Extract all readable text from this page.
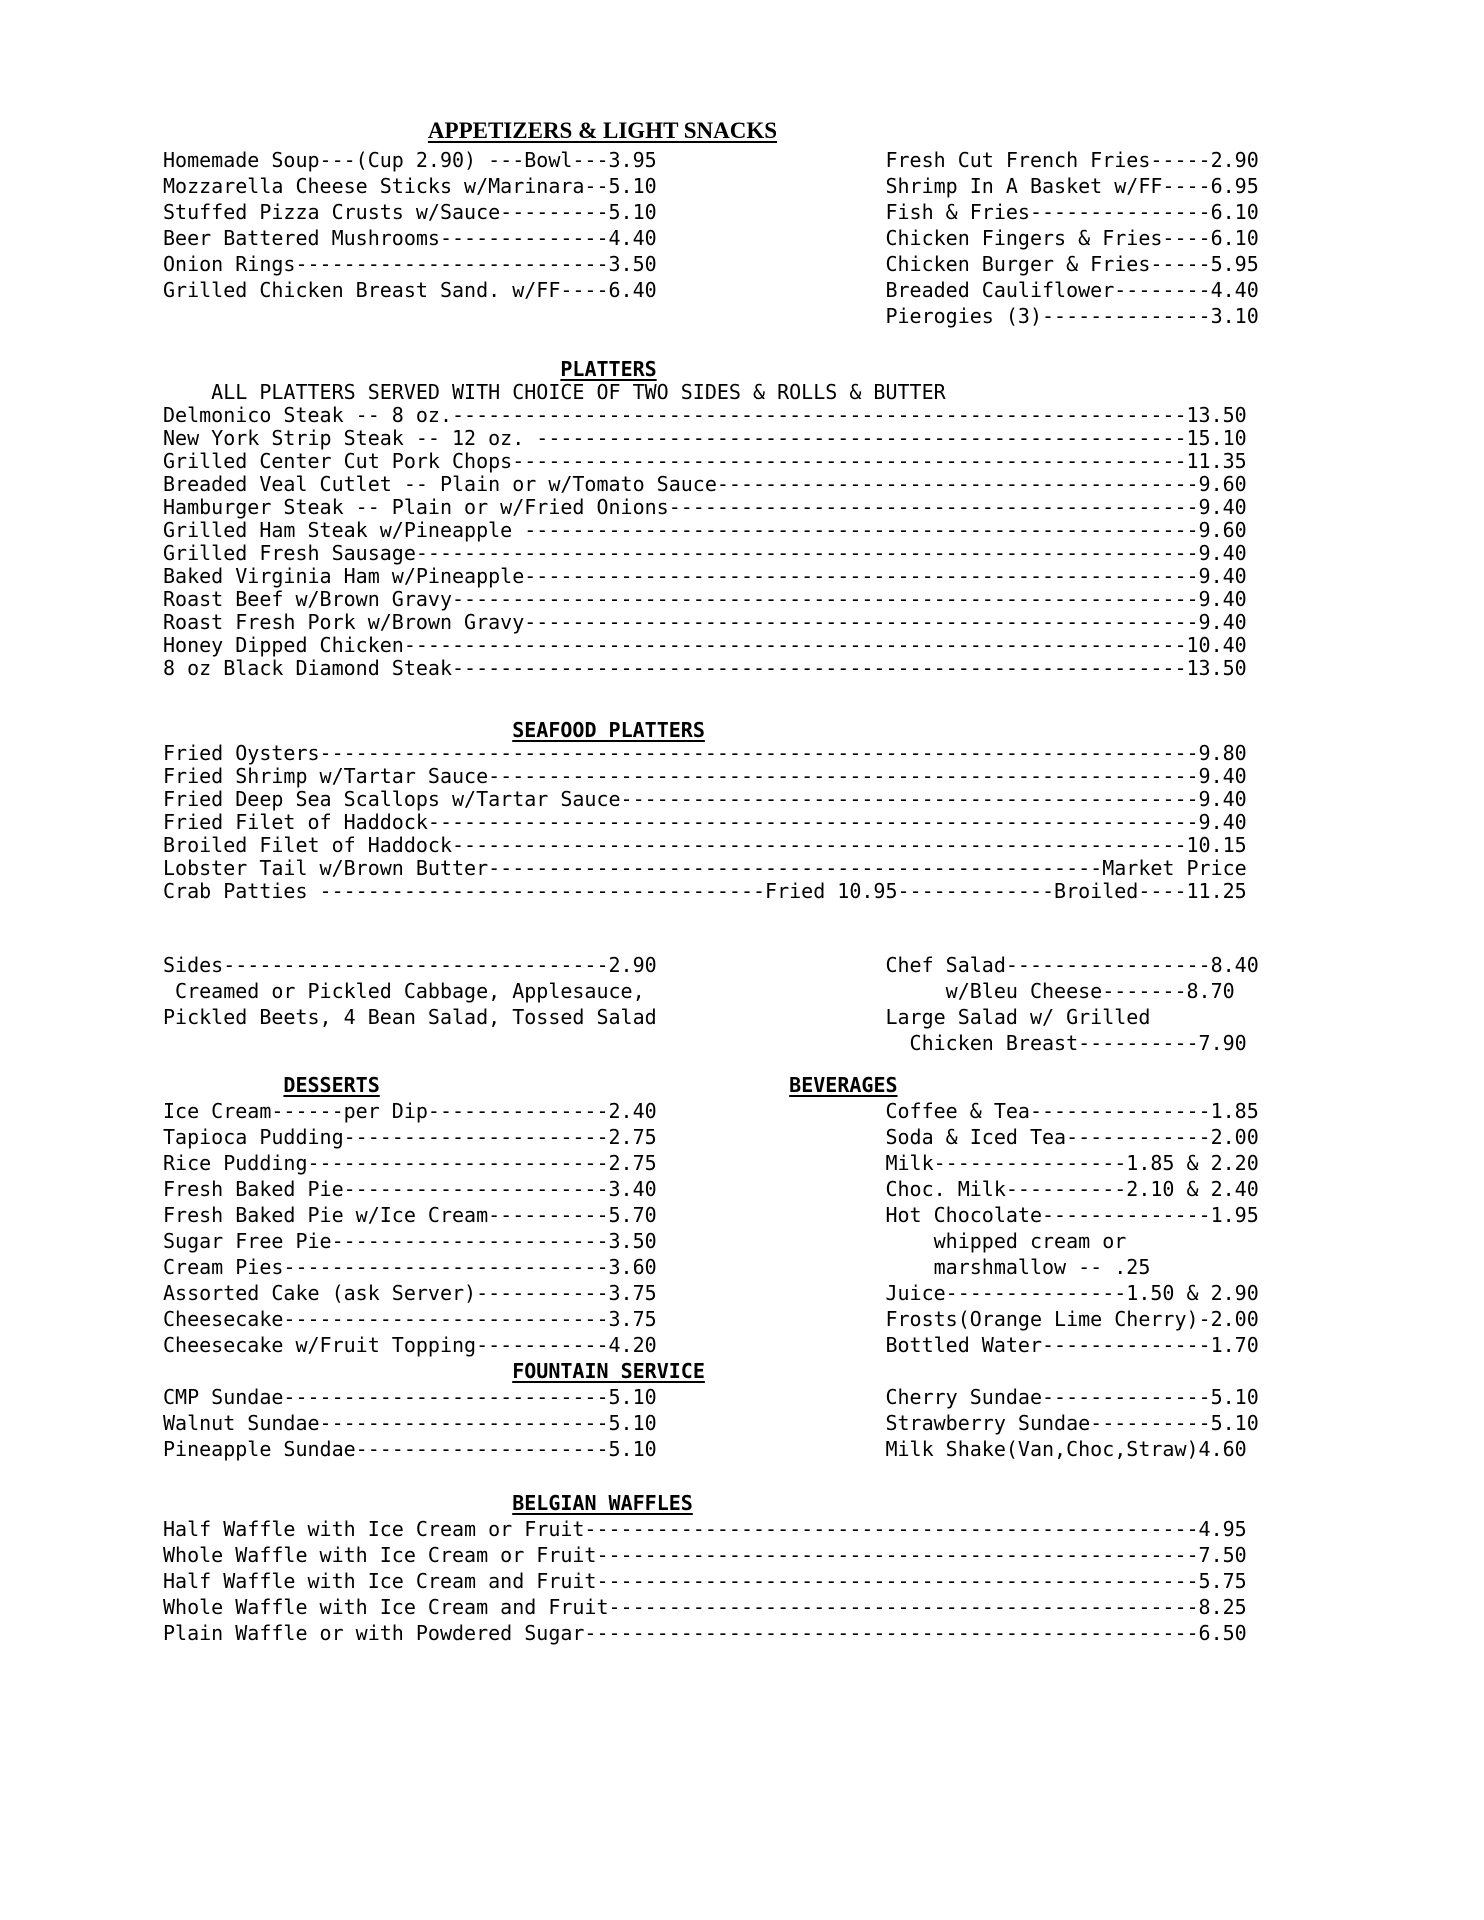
APPETIZERS & LIGHT SNACKS
Homemade Soup---(Cup 2.90) ---Bowl---3.95                   Fresh Cut French Fries-----2.90
Mozzarella Cheese Sticks w/Marinara--5.10                   Shrimp In A Basket w/FF----6.95
Stuffed Pizza Crusts w/Sauce---------5.10                   Fish & Fries---------------6.10
Beer Battered Mushrooms--------------4.40                   Chicken Fingers & Fries----6.10
Onion Rings--------------------------3.50                   Chicken Burger & Fries-----5.95
Grilled Chicken Breast Sand. w/FF----6.40                   Breaded Cauliflower--------4.40
Pierogies (3)--------------3.10
PLATTERS
ALL PLATTERS SERVED WITH CHOICE OF TWO SIDES & ROLLS & BUTTER
Delmonico Steak -- 8 oz.-------------------------------------------------------------13.50
New York Strip Steak -- 12 oz. ------------------------------------------------------15.10
Grilled Center Cut Pork Chops--------------------------------------------------------11.35
Breaded Veal Cutlet -- Plain or w/Tomato Sauce----------------------------------------9.60
Hamburger Steak -- Plain or w/Fried Onions--------------------------------------------9.40
Grilled Ham Steak w/Pineapple --------------------------------------------------------9.60
Grilled Fresh Sausage-----------------------------------------------------------------9.40
Baked Virginia Ham w/Pineapple--------------------------------------------------------9.40
Roast Beef w/Brown Gravy--------------------------------------------------------------9.40
Roast Fresh Pork w/Brown Gravy--------------------------------------------------------9.40
Honey Dipped Chicken-----------------------------------------------------------------10.40
8 oz Black Diamond Steak-------------------------------------------------------------13.50
SEAFOOD PLATTERS
Fried Oysters-------------------------------------------------------------------------9.80
Fried Shrimp w/Tartar Sauce-----------------------------------------------------------9.40
Fried Deep Sea Scallops w/Tartar Sauce------------------------------------------------9.40
Fried Filet of Haddock----------------------------------------------------------------9.40
Broiled Filet of Haddock-------------------------------------------------------------10.15
Lobster Tail w/Brown Butter---------------------------------------------------Market Price
Crab Patties -------------------------------------Fried 10.95-------------Broiled----11.25
Sides--------------------------------2.90                   Chef Salad-----------------8.40
Creamed or Pickled Cabbage, Applesauce,                         w/Bleu Cheese-------8.70
Pickled Beets, 4 Bean Salad, Tossed Salad                   Large Salad w/ Grilled
Chicken Breast----------7.90
DESSERTS	BEVERAGES
Ice Cream------per Dip---------------2.40                   Coffee & Tea---------------1.85
Tapioca Pudding----------------------2.75                   Soda & Iced Tea------------2.00
Rice Pudding-------------------------2.75                   Milk----------------1.85 & 2.20
Fresh Baked Pie----------------------3.40                   Choc. Milk----------2.10 & 2.40
Fresh Baked Pie w/Ice Cream----------5.70                   Hot Chocolate--------------1.95
Sugar Free Pie-----------------------3.50                       whipped cream or
Cream Pies---------------------------3.60                       marshmallow -- .25
Assorted Cake (ask Server)-----------3.75                   Juice---------------1.50 & 2.90
Cheesecake---------------------------3.75                   Frosts(Orange Lime Cherry)-2.00
Cheesecake w/Fruit Topping-----------4.20                   Bottled Water--------------1.70
FOUNTAIN SERVICE
CMP Sundae---------------------------5.10                   Cherry Sundae--------------5.10
Walnut Sundae------------------------5.10                   Strawberry Sundae----------5.10
Pineapple Sundae---------------------5.10                   Milk Shake(Van,Choc,Straw)4.60
BELGIAN WAFFLES
Half Waffle with Ice Cream or Fruit---------------------------------------------------4.95
Whole Waffle with Ice Cream or Fruit--------------------------------------------------7.50
Half Waffle with Ice Cream and Fruit--------------------------------------------------5.75
Whole Waffle with Ice Cream and Fruit-------------------------------------------------8.25
Plain Waffle or with Powdered Sugar---------------------------------------------------6.50
